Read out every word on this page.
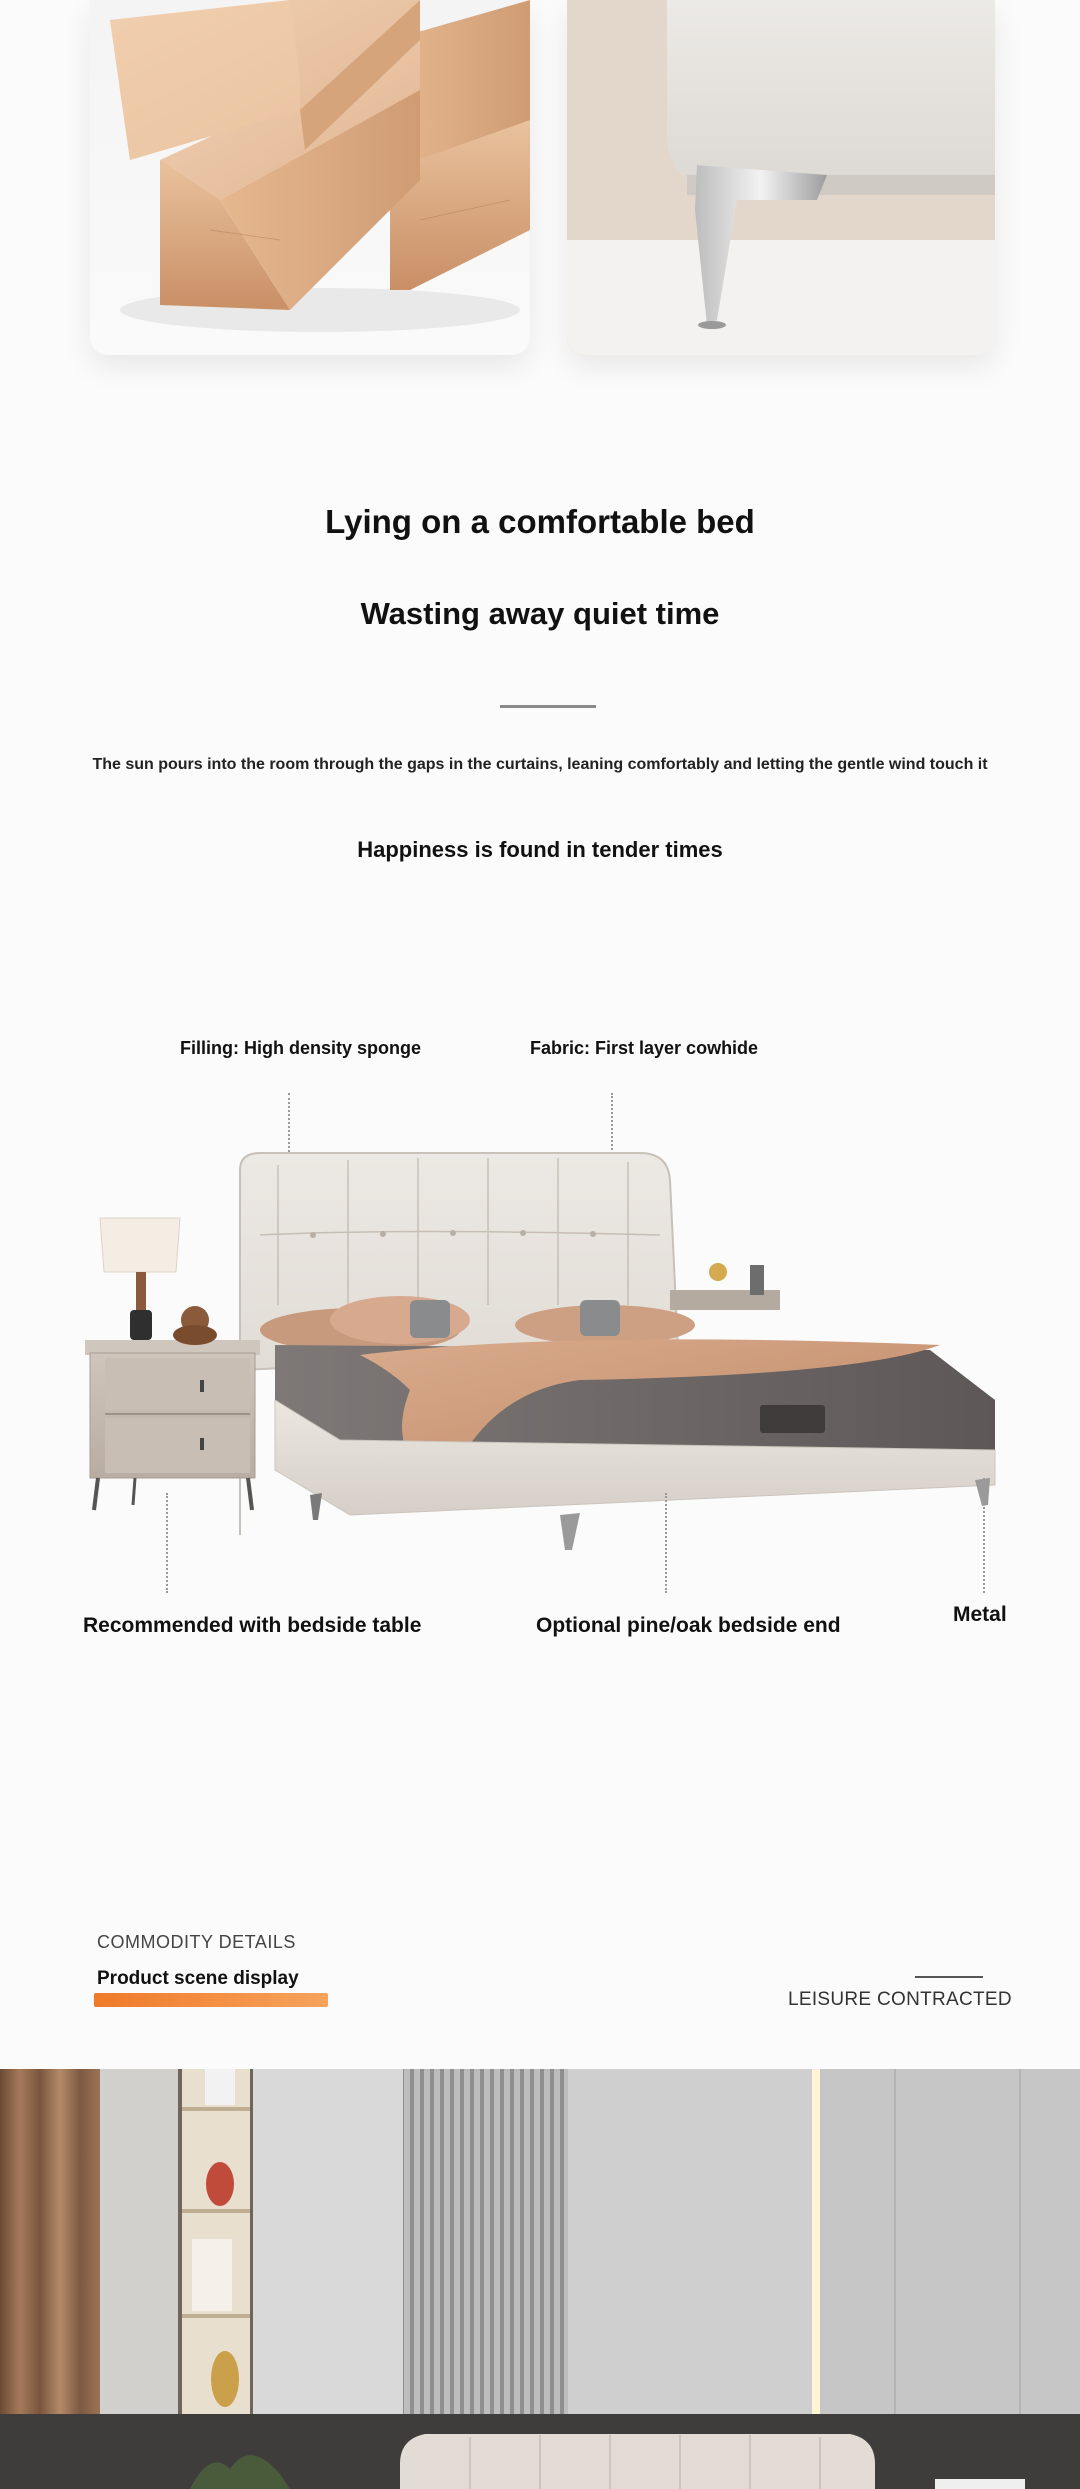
Lying on a comfortable bed
Wasting away quiet time
The sun pours into the room through the gaps in the curtains, leaning comfortably and letting the gentle wind touch it
Happiness is found in tender times
Filling: High density sponge	Fabric: First layer cowhide
Recommended with bedside table	Optional pine/oak bedside end	Metal
COMMODITY DETAILS
Product scene display
LEISURE CONTRACTED
